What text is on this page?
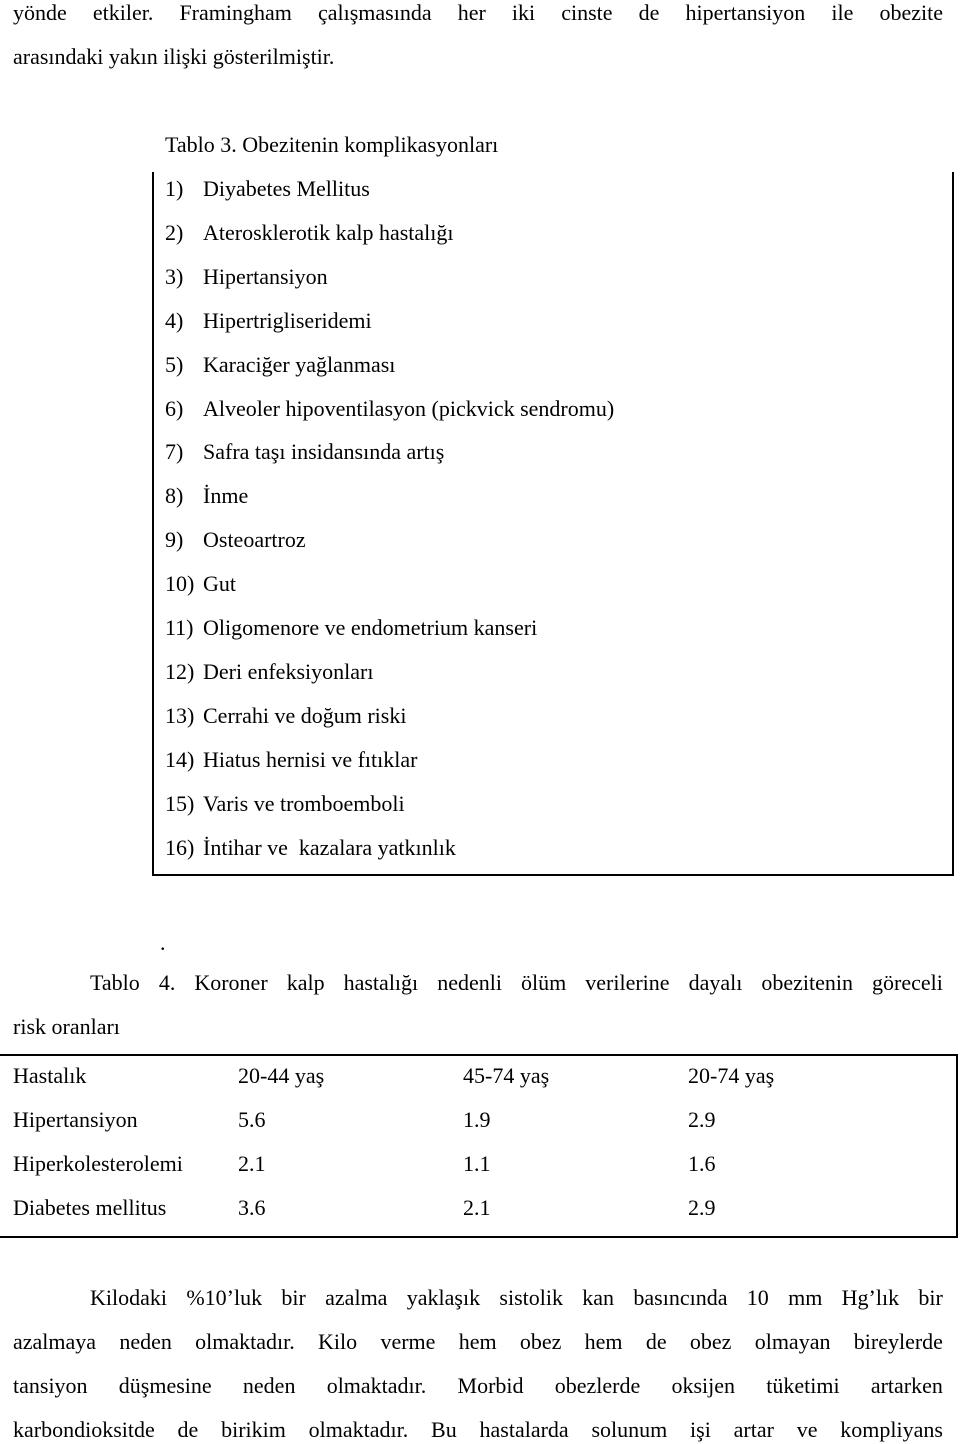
yönde etkiler. Framingham çalışmasında her iki cinste de hipertansiyon ile obezite
arasındaki yakın ilişki gösterilmiştir.
Tablo 3. Obezitenin komplikasyonları
1) Diyabetes Mellitus
2) Aterosklerotik kalp hastalığı
3) Hipertansiyon
4) Hipertrigliseridemi
5) Karaciğer yağlanması
6) Alveoler hipoventilasyon (pickvick sendromu)
7) Safra taşı insidansında artış
8) İnme
9) Osteoartroz
10) Gut
11) Oligomenore ve endometrium kanseri
12) Deri enfeksiyonları
13) Cerrahi ve doğum riski
14) Hiatus hernisi ve fıtıklar
15) Varis ve tromboemboli
16) İntihar ve  kazalara yatkınlık
.
Tablo 4. Koroner kalp hastalığı nedenli ölüm verilerine dayalı obezitenin göreceli
risk oranları
Hastalık	20-44 yaş	45-74 yaş	20-74 yaş
Hipertansiyon	5.6	1.9	2.9
Hiperkolesterolemi	2.1	1.1	1.6
Diabetes mellitus	3.6	2.1	2.9
Kilodaki %10’luk bir azalma yaklaşık sistolik kan basıncında 10 mm Hg’lık bir
azalmaya neden olmaktadır. Kilo verme hem obez hem de obez olmayan bireylerde
tansiyon düşmesine neden olmaktadır. Morbid obezlerde oksijen tüketimi artarken
karbondioksitde de birikim olmaktadır. Bu hastalarda solunum işi artar ve kompliyans
